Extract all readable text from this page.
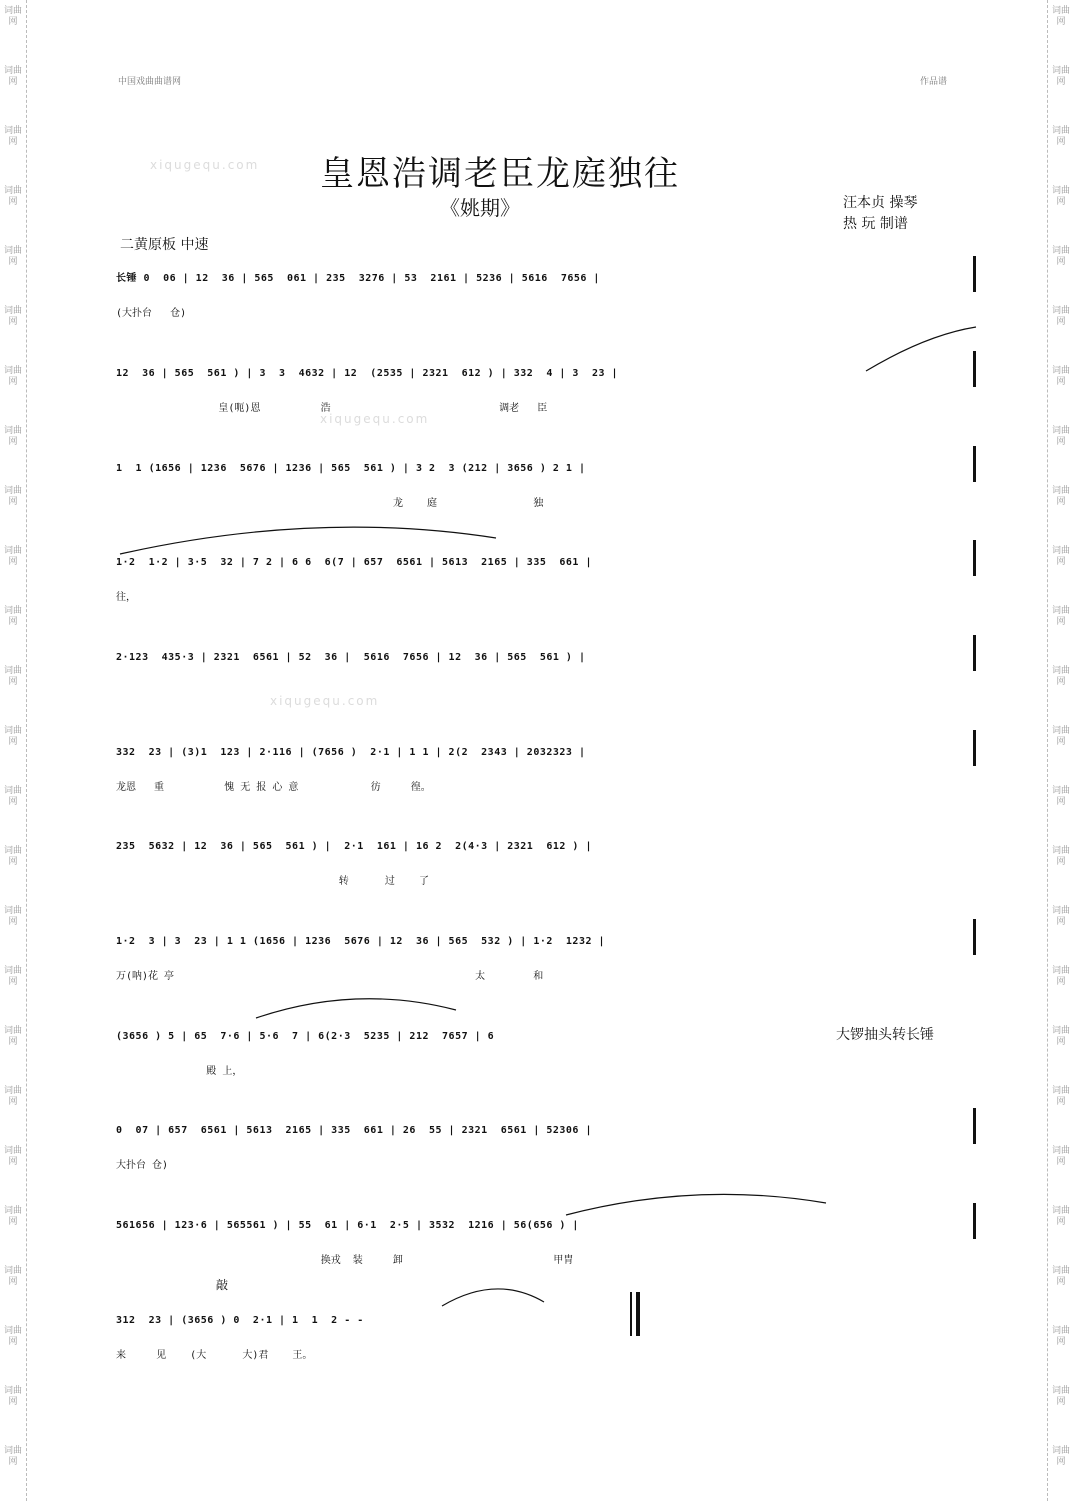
词曲网
词曲网
词曲网
词曲网
词曲网
词曲网
词曲网
词曲网
词曲网
词曲网
词曲网
词曲网
词曲网
词曲网
词曲网
词曲网
词曲网
词曲网
词曲网
词曲网
词曲网
词曲网
词曲网
词曲网
词曲网
词曲网
词曲网
词曲网
词曲网
词曲网
词曲网
词曲网
词曲网
词曲网
词曲网
词曲网
词曲网
词曲网
词曲网
词曲网
词曲网
词曲网
词曲网
词曲网
词曲网
词曲网
词曲网
词曲网
词曲网
词曲网
中国戏曲曲谱网	作品谱
xiqugequ.com
xiqugequ.com
xiqugequ.com
皇恩浩调老臣龙庭独往
《姚期》	汪本贞 操琴
热 玩 制谱
二黄原板 中速
长锤 0  06 | 12  36 | 565  061 | 235  3276 | 53  2161 | 5236 | 5616  7656 |
(大扑台   仓)
12  36 | 565  561 ) | 3  3  4632 | 12  (2535 | 2321  612 ) | 332  4 | 3  23 |
皇(呃)恩          浩                            调老   臣
1  1 (1656 | 1236  5676 | 1236 | 565  561 ) | 3 2  3 (212 | 3656 ) 2 1 |
龙    庭                独
1·2  1·2 | 3·5  32 | 7 2 | 6 6  6(7 | 657  6561 | 5613  2165 | 335  661 |
往，
2·123  435·3 | 2321  6561 | 52  36 |  5616  7656 | 12  36 | 565  561 ) |
332  23 | (3)1  123 | 2·116 | (7656 )  2·1 | 1 1 | 2(2  2343 | 2032323 |
龙恩   重          愧 无 报 心 意            彷     徨。
235  5632 | 12  36 | 565  561 ) |  2·1  161 | 16 2  2(4·3 | 2321  612 ) |
转      过    了
1·2  3 | 3  23 | 1 1 (1656 | 1236  5676 | 12  36 | 565  532 ) | 1·2  1232 |
万(呐)花 亭                                                  太        和
(3656 ) 5 | 65  7·6 | 5·6  7 | 6(2·3  5235 | 212  7657 | 6
殿 上，
大锣抽头转长锤
0  07 | 657  6561 | 5613  2165 | 335  661 | 26  55 | 2321  6561 | 52306 |
大扑台 仓)
561656 | 123·6 | 565561 ) | 55  61 | 6·1  2·5 | 3532  1216 | 56(656 ) |
换戎  装     卸                         甲胄
敲
312  23 | (3656 ) 0  2·1 | 1  1  2 - -
来     见    (大      大)君    王。
